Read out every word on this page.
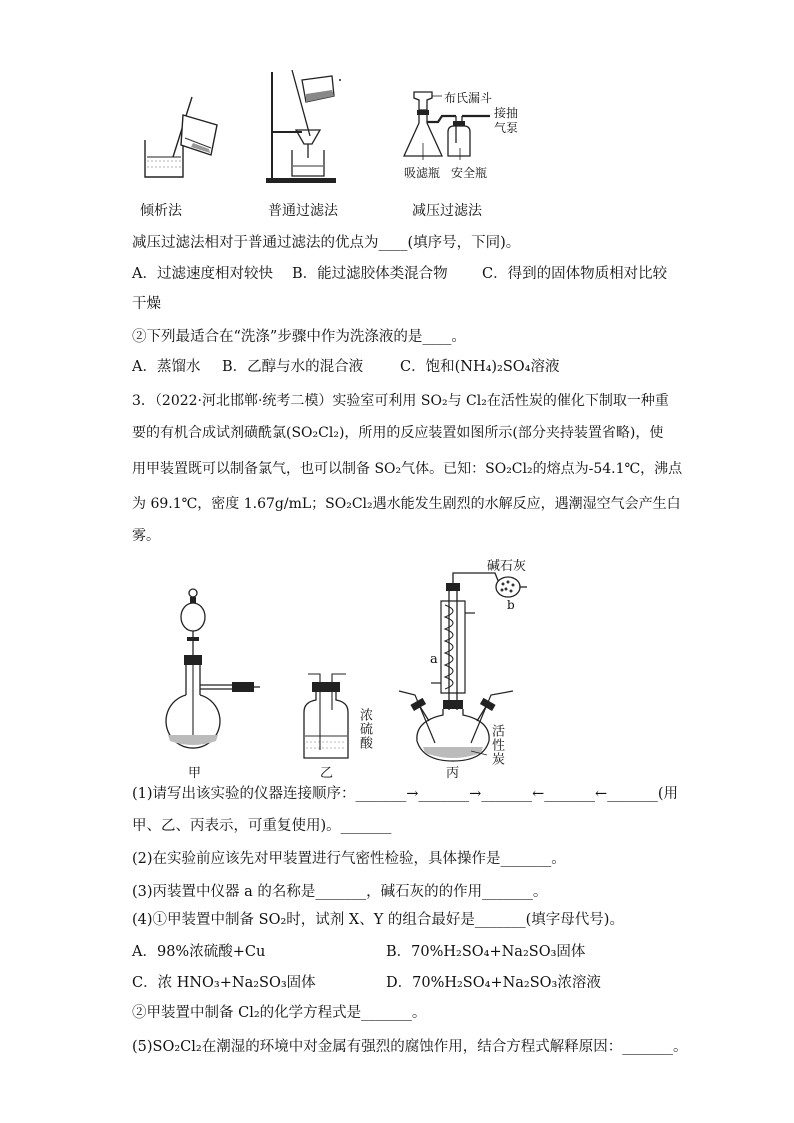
布氏漏斗
接抽气泵
吸滤瓶 安全瓶
倾析法	普通过滤法	减压过滤法
减压过滤法相对于普通过滤法的优点为____(填序号，下同)。
A．过滤速度相对较快 B．能过滤胶体类混合物 C．得到的固体物质相对比较
干燥
②下列最适合在“洗涤”步骤中作为洗涤液的是____。
A．蒸馏水 B．乙醇与水的混合液	C．饱和(NH₄)₂SO₄溶液
3．（2022·河北邯郸·统考二模）实验室可利用 SO₂与 Cl₂在活性炭的催化下制取一种重
要的有机合成试剂磺酰氯(SO₂Cl₂)，所用的反应装置如图所示(部分夹持装置省略)，使
用甲装置既可以制备氯气，也可以制备 SO₂气体。已知：SO₂Cl₂的熔点为-54.1℃，沸点
为 69.1℃，密度 1.67g/mL；SO₂Cl₂遇水能发生剧烈的水解反应，遇潮湿空气会产生白
雾。
甲
浓硫酸
乙
碱石灰
b
a
活性炭
丙
(1)请写出该实验的仪器连接顺序：_______→_______→_______←_______←_______(用
甲、乙、丙表示，可重复使用)。_______
(2)在实验前应该先对甲装置进行气密性检验，具体操作是_______。
(3)丙装置中仪器 a 的名称是_______，碱石灰的的作用_______。
(4)①甲装置中制备 SO₂时，试剂 X、Y 的组合最好是_______(填字母代号)。
A．98%浓硫酸+Cu	B．70%H₂SO₄+Na₂SO₃固体
C．浓 HNO₃+Na₂SO₃固体	D．70%H₂SO₄+Na₂SO₃浓溶液
②甲装置中制备 Cl₂的化学方程式是_______。
(5)SO₂Cl₂在潮湿的环境中对金属有强烈的腐蚀作用，结合方程式解释原因：_______。
